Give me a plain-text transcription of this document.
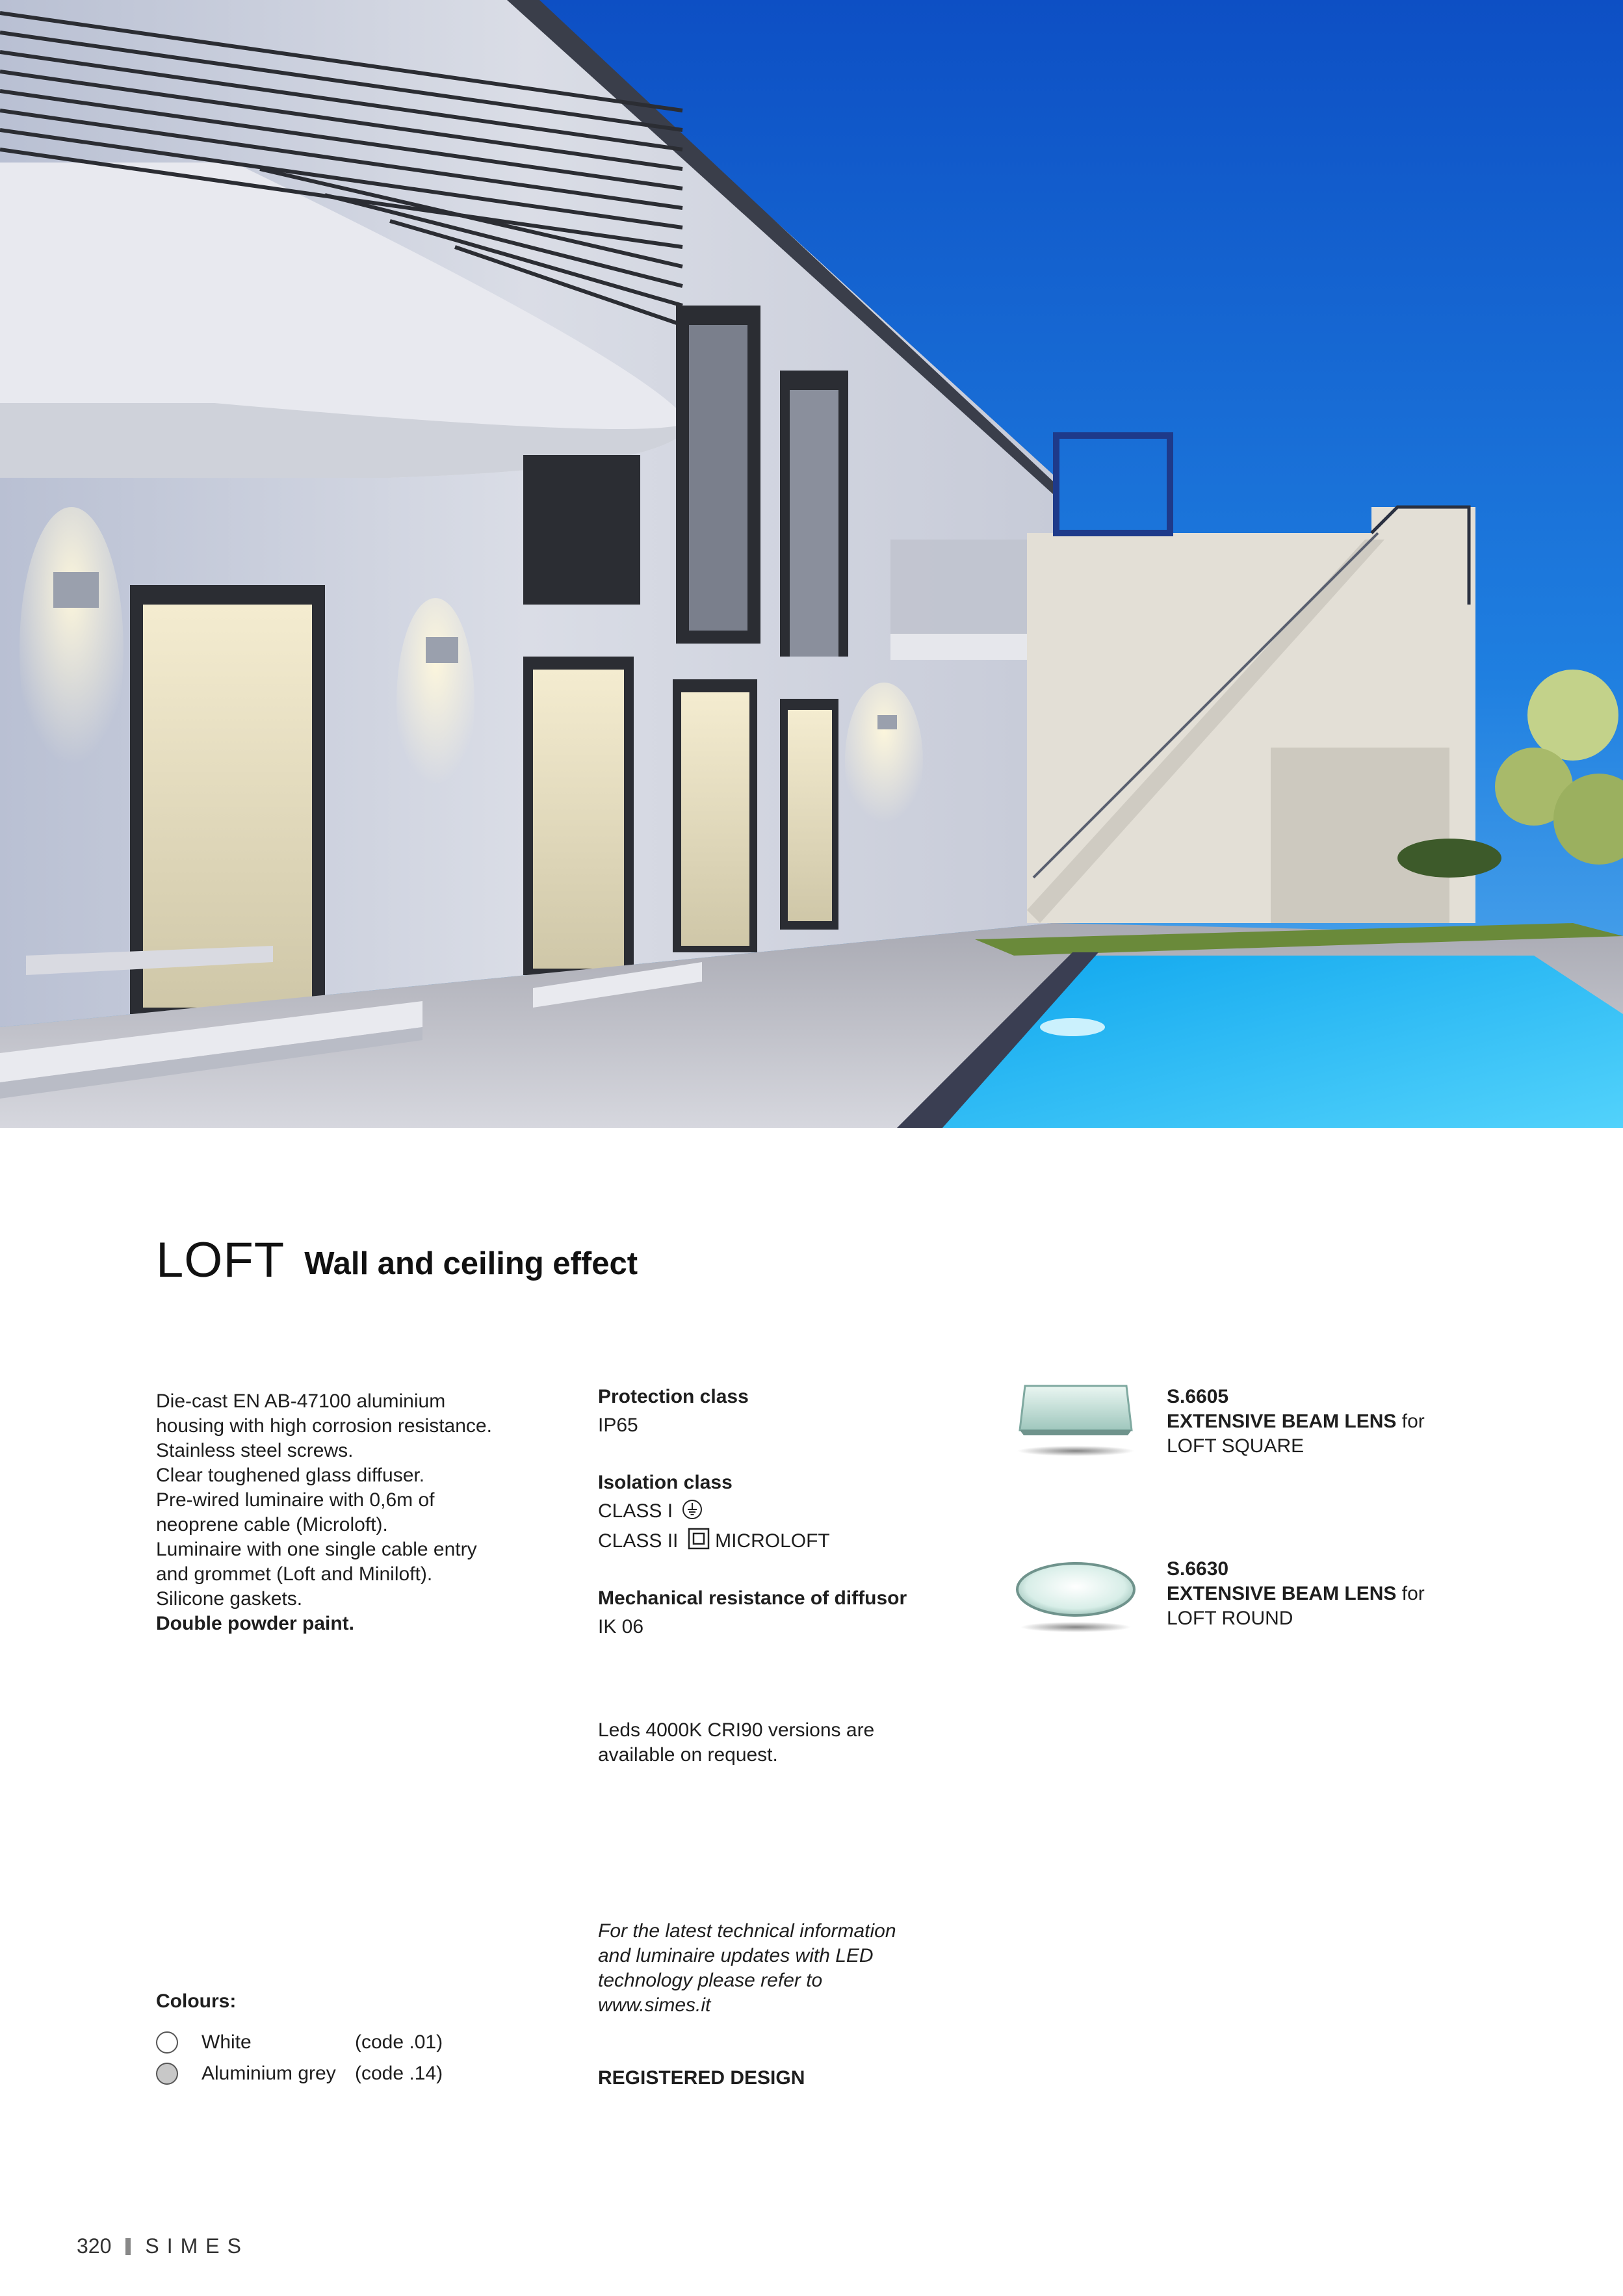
LOFT Wall and ceiling effect
Die-cast EN AB-47100 aluminium
housing with high corrosion resistance.
Stainless steel screws.
Clear toughened glass diffuser.
Pre-wired luminaire with 0,6m of
neoprene cable (Microloft).
Luminaire with one single cable entry
and grommet (Loft and Miniloft).
Silicone gaskets.
Double powder paint.
Protection class
IP65
Isolation class
CLASS I
CLASS II MICROLOFT
Mechanical resistance of diffusor
IK 06
Leds 4000K CRI90 versions are
available on request.
For the latest technical information
and luminaire updates with LED
technology please refer to
www.simes.it
REGISTERED DESIGN
Colours:
White	(code .01)
Aluminium grey (code .14)
S.6605
EXTENSIVE BEAM LENS for
LOFT SQUARE
S.6630
EXTENSIVE BEAM LENS for
LOFT ROUND
320 SIMES
